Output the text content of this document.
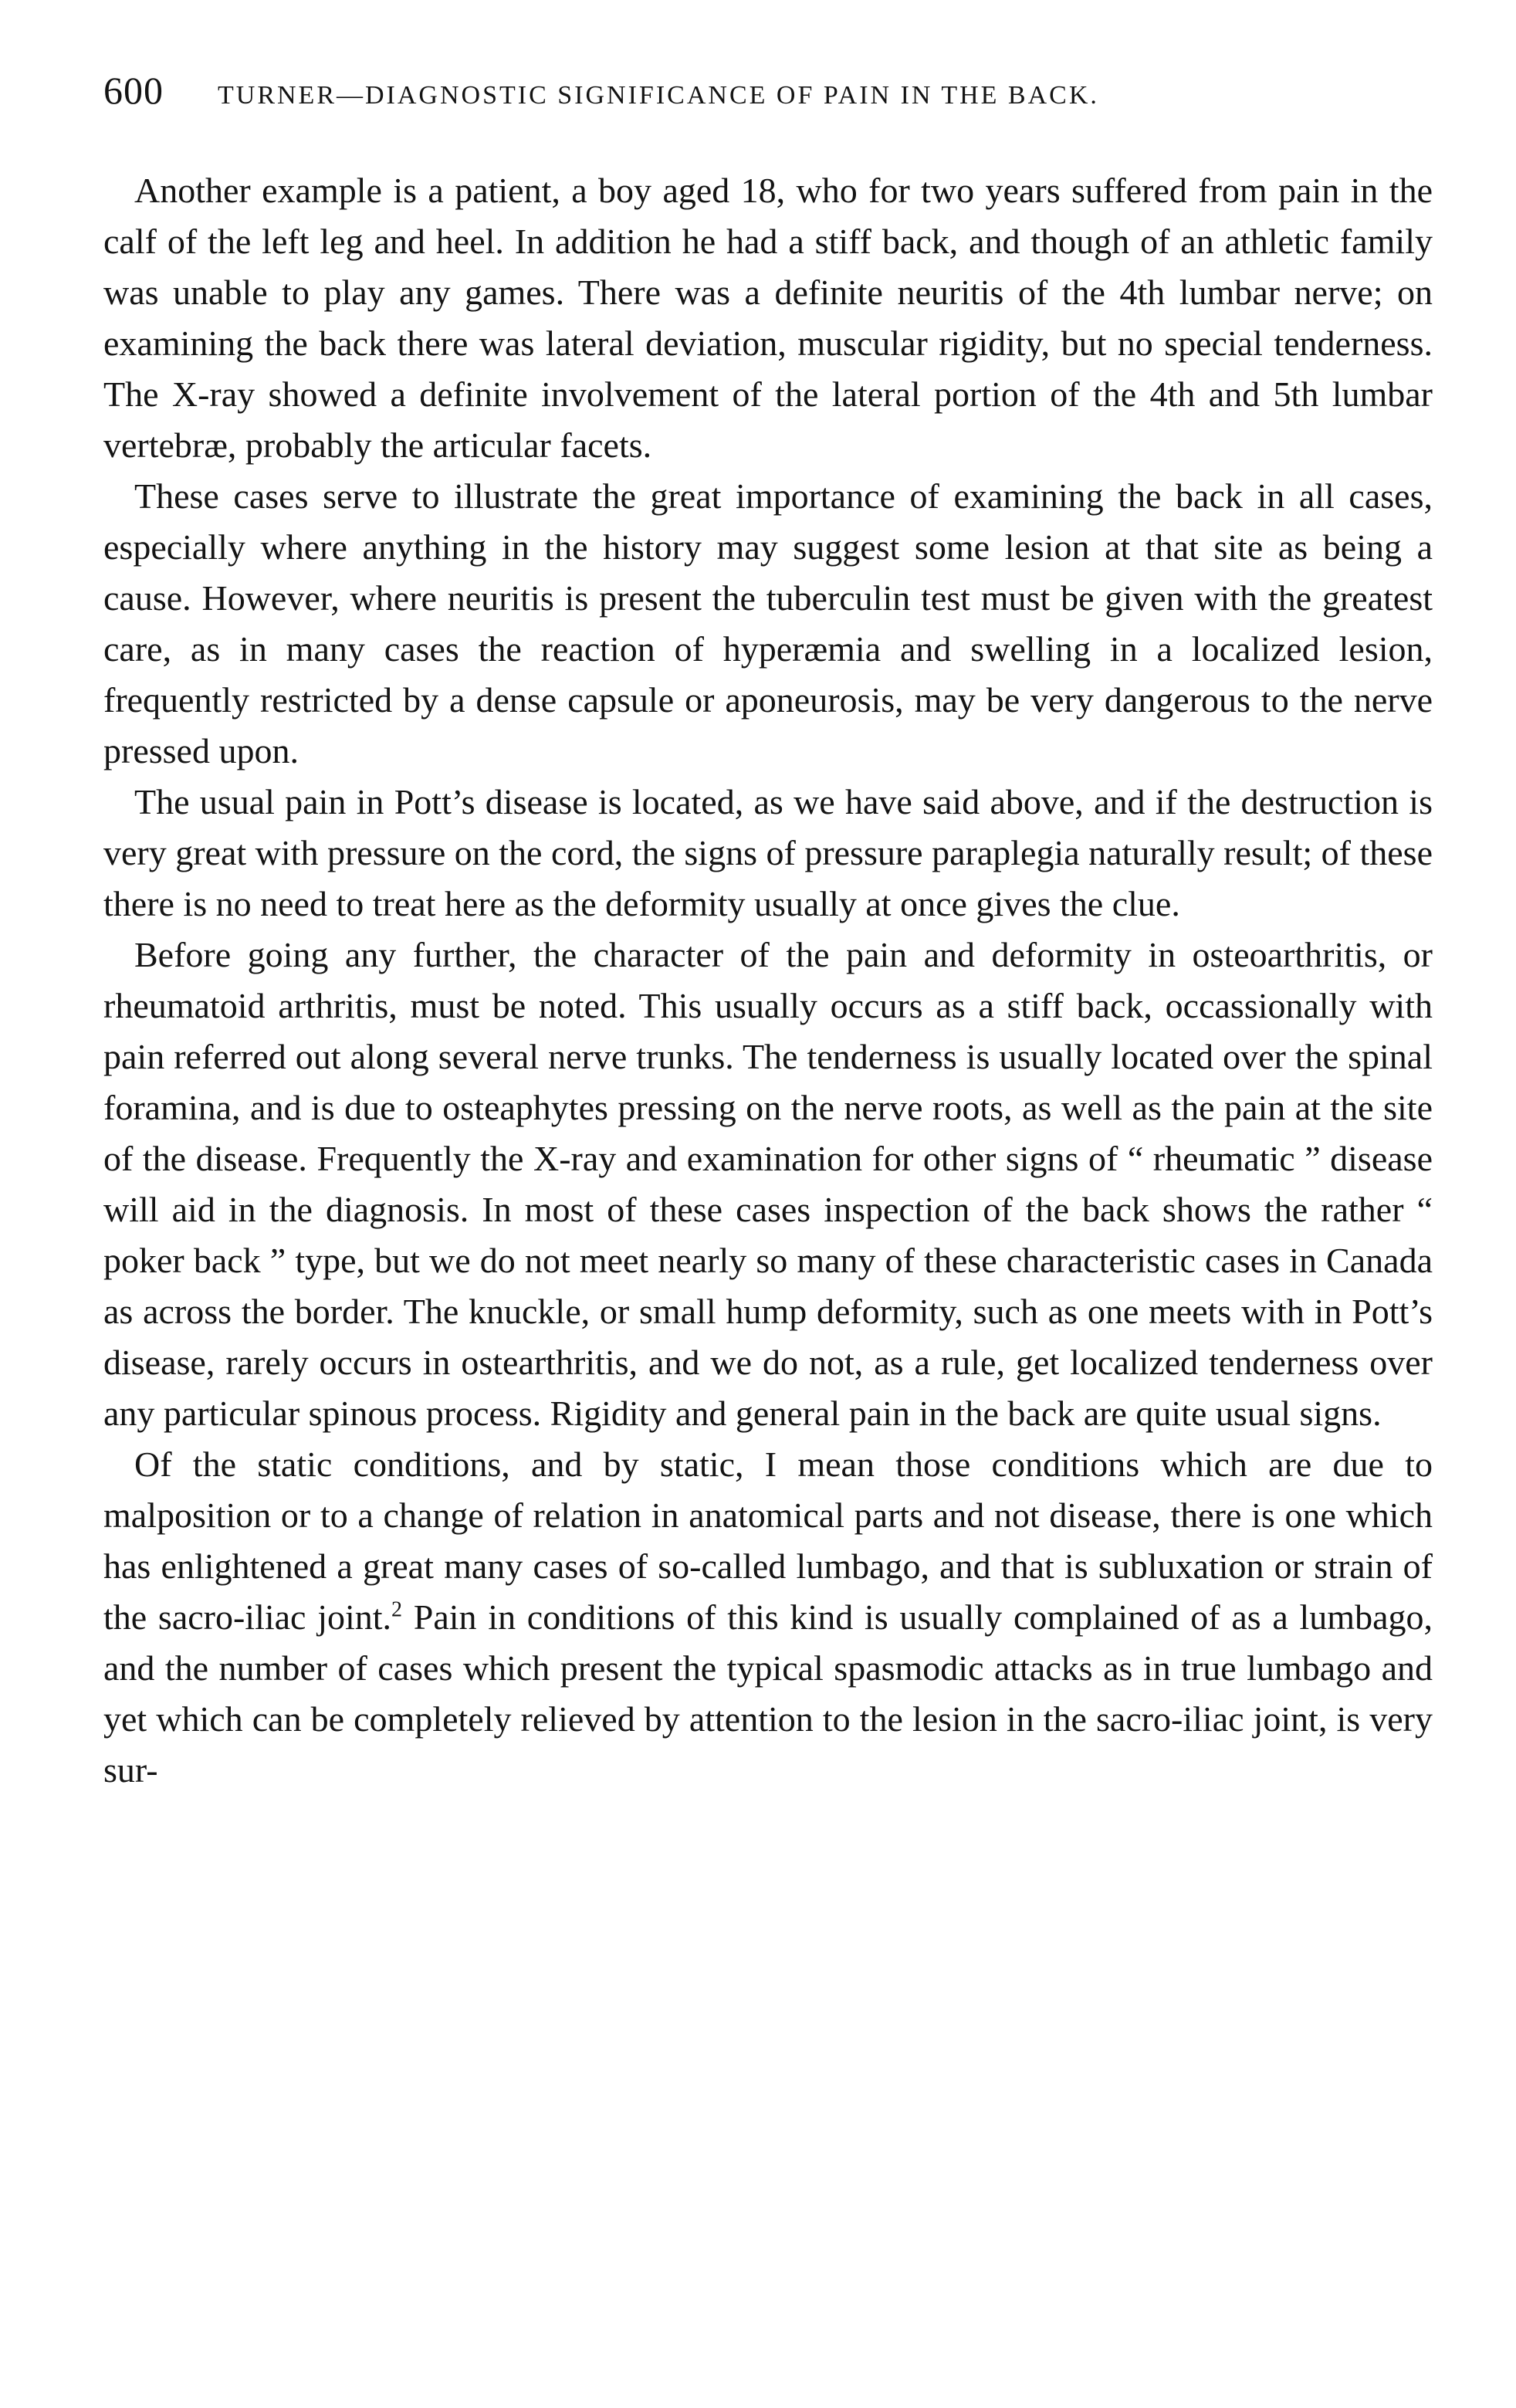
600 TURNER—DIAGNOSTIC SIGNIFICANCE OF PAIN IN THE BACK.

Another example is a patient, a boy aged 18, who for two years suffered from pain in the calf of the left leg and heel. In addition he had a stiff back, and though of an athletic family was unable to play any games. There was a definite neuritis of the 4th lumbar nerve; on examining the back there was lateral deviation, muscular rigidity, but no special tenderness. The X-ray showed a definite involvement of the lateral portion of the 4th and 5th lumbar vertebræ, probably the articular facets.

These cases serve to illustrate the great importance of examining the back in all cases, especially where anything in the history may suggest some lesion at that site as being a cause. However, where neuritis is present the tuberculin test must be given with the greatest care, as in many cases the reaction of hyperæmia and swelling in a localized lesion, frequently restricted by a dense capsule or aponeurosis, may be very dangerous to the nerve pressed upon.

The usual pain in Pott’s disease is located, as we have said above, and if the destruction is very great with pressure on the cord, the signs of pressure paraplegia naturally result; of these there is no need to treat here as the deformity usually at once gives the clue.

Before going any further, the character of the pain and deformity in osteoarthritis, or rheumatoid arthritis, must be noted. This usually occurs as a stiff back, occassionally with pain referred out along several nerve trunks. The tenderness is usually located over the spinal foramina, and is due to osteaphytes pressing on the nerve roots, as well as the pain at the site of the disease. Frequently the X-ray and examination for other signs of “ rheumatic ” disease will aid in the diagnosis. In most of these cases inspection of the back shows the rather “ poker back ” type, but we do not meet nearly so many of these characteristic cases in Canada as across the border. The knuckle, or small hump deformity, such as one meets with in Pott’s disease, rarely occurs in ostearthritis, and we do not, as a rule, get localized tenderness over any particular spinous process. Rigidity and general pain in the back are quite usual signs.

Of the static conditions, and by static, I mean those conditions which are due to malposition or to a change of relation in anatomical parts and not disease, there is one which has enlightened a great many cases of so-called lumbago, and that is subluxation or strain of the sacro-iliac joint.$^2$ Pain in conditions of this kind is usually complained of as a lumbago, and the number of cases which present the typical spasmodic attacks as in true lumbago and yet which can be completely relieved by attention to the lesion in the sacro-iliac joint, is very sur-
